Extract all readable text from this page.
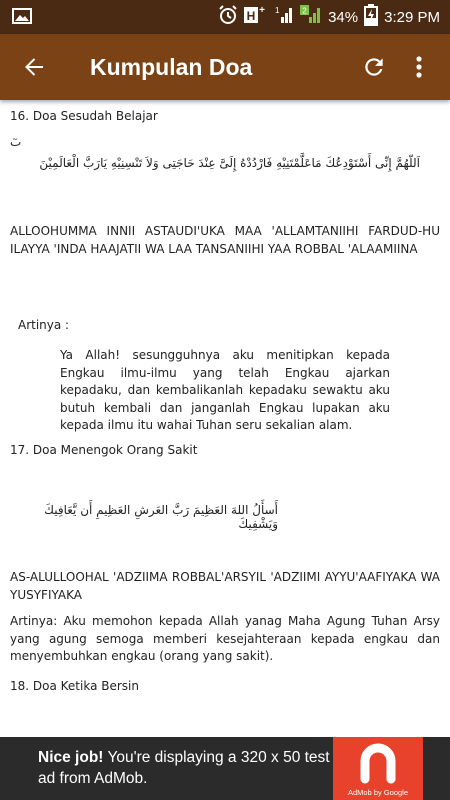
H + 1	2 34% 3:29 PM
Kumpulan Doa
16. Doa Sesudah Belajar
ٮٓ
اَللّهُمَّ إِنِّى أَسْتَوْدِعُكَ مَاعَلَّمْتَنِيْهِ فَارْدُدْهُ إِلَىَّ عِنْدَ حَاجَتِى وَلاَ تَنْسِنِيْهِ يَارَبَّ الْعَالَمِيْنَ

ALLOOHUMMA INNII ASTAUDI'UKA MAA 'ALLAMTANIIHI FARDUD-HU ILAYYA 'INDA HAAJATII WA LAA TANSANIIHI YAA ROBBAL 'ALAAMIINA

Artinya :

Ya Allah! sesungguhnya aku menitipkan kepada Engkau ilmu-ilmu yang telah Engkau ajarkan kepadaku, dan kembalikanlah kepadaku sewaktu aku butuh kembali dan janganlah Engkau lupakan aku kepada ilmu itu wahai Tuhan seru sekalian alam.

17. Doa Menengok Orang Sakit
أَسأَلُ اللهَ العَظِيمَ رَبَّ العَرشِ العَظِيمِ أَن يَّعَافِيكَ وَيَشْفِيكَ

AS-ALULLOOHAL 'ADZIIMA ROBBAL'ARSYIL 'ADZIIMI AYYU'AAFIYAKA WA YUSYFIYAKA

Artinya: Aku memohon kepada Allah yanag Maha Agung Tuhan Arsy yang agung semoga memberi kesejahteraan kepada engkau dan menyembuhkan engkau (orang yang sakit).

18. Doa Ketika Bersin
Nice job! You're displaying a 320 x 50 test ad from AdMob.
AdMob by Google
